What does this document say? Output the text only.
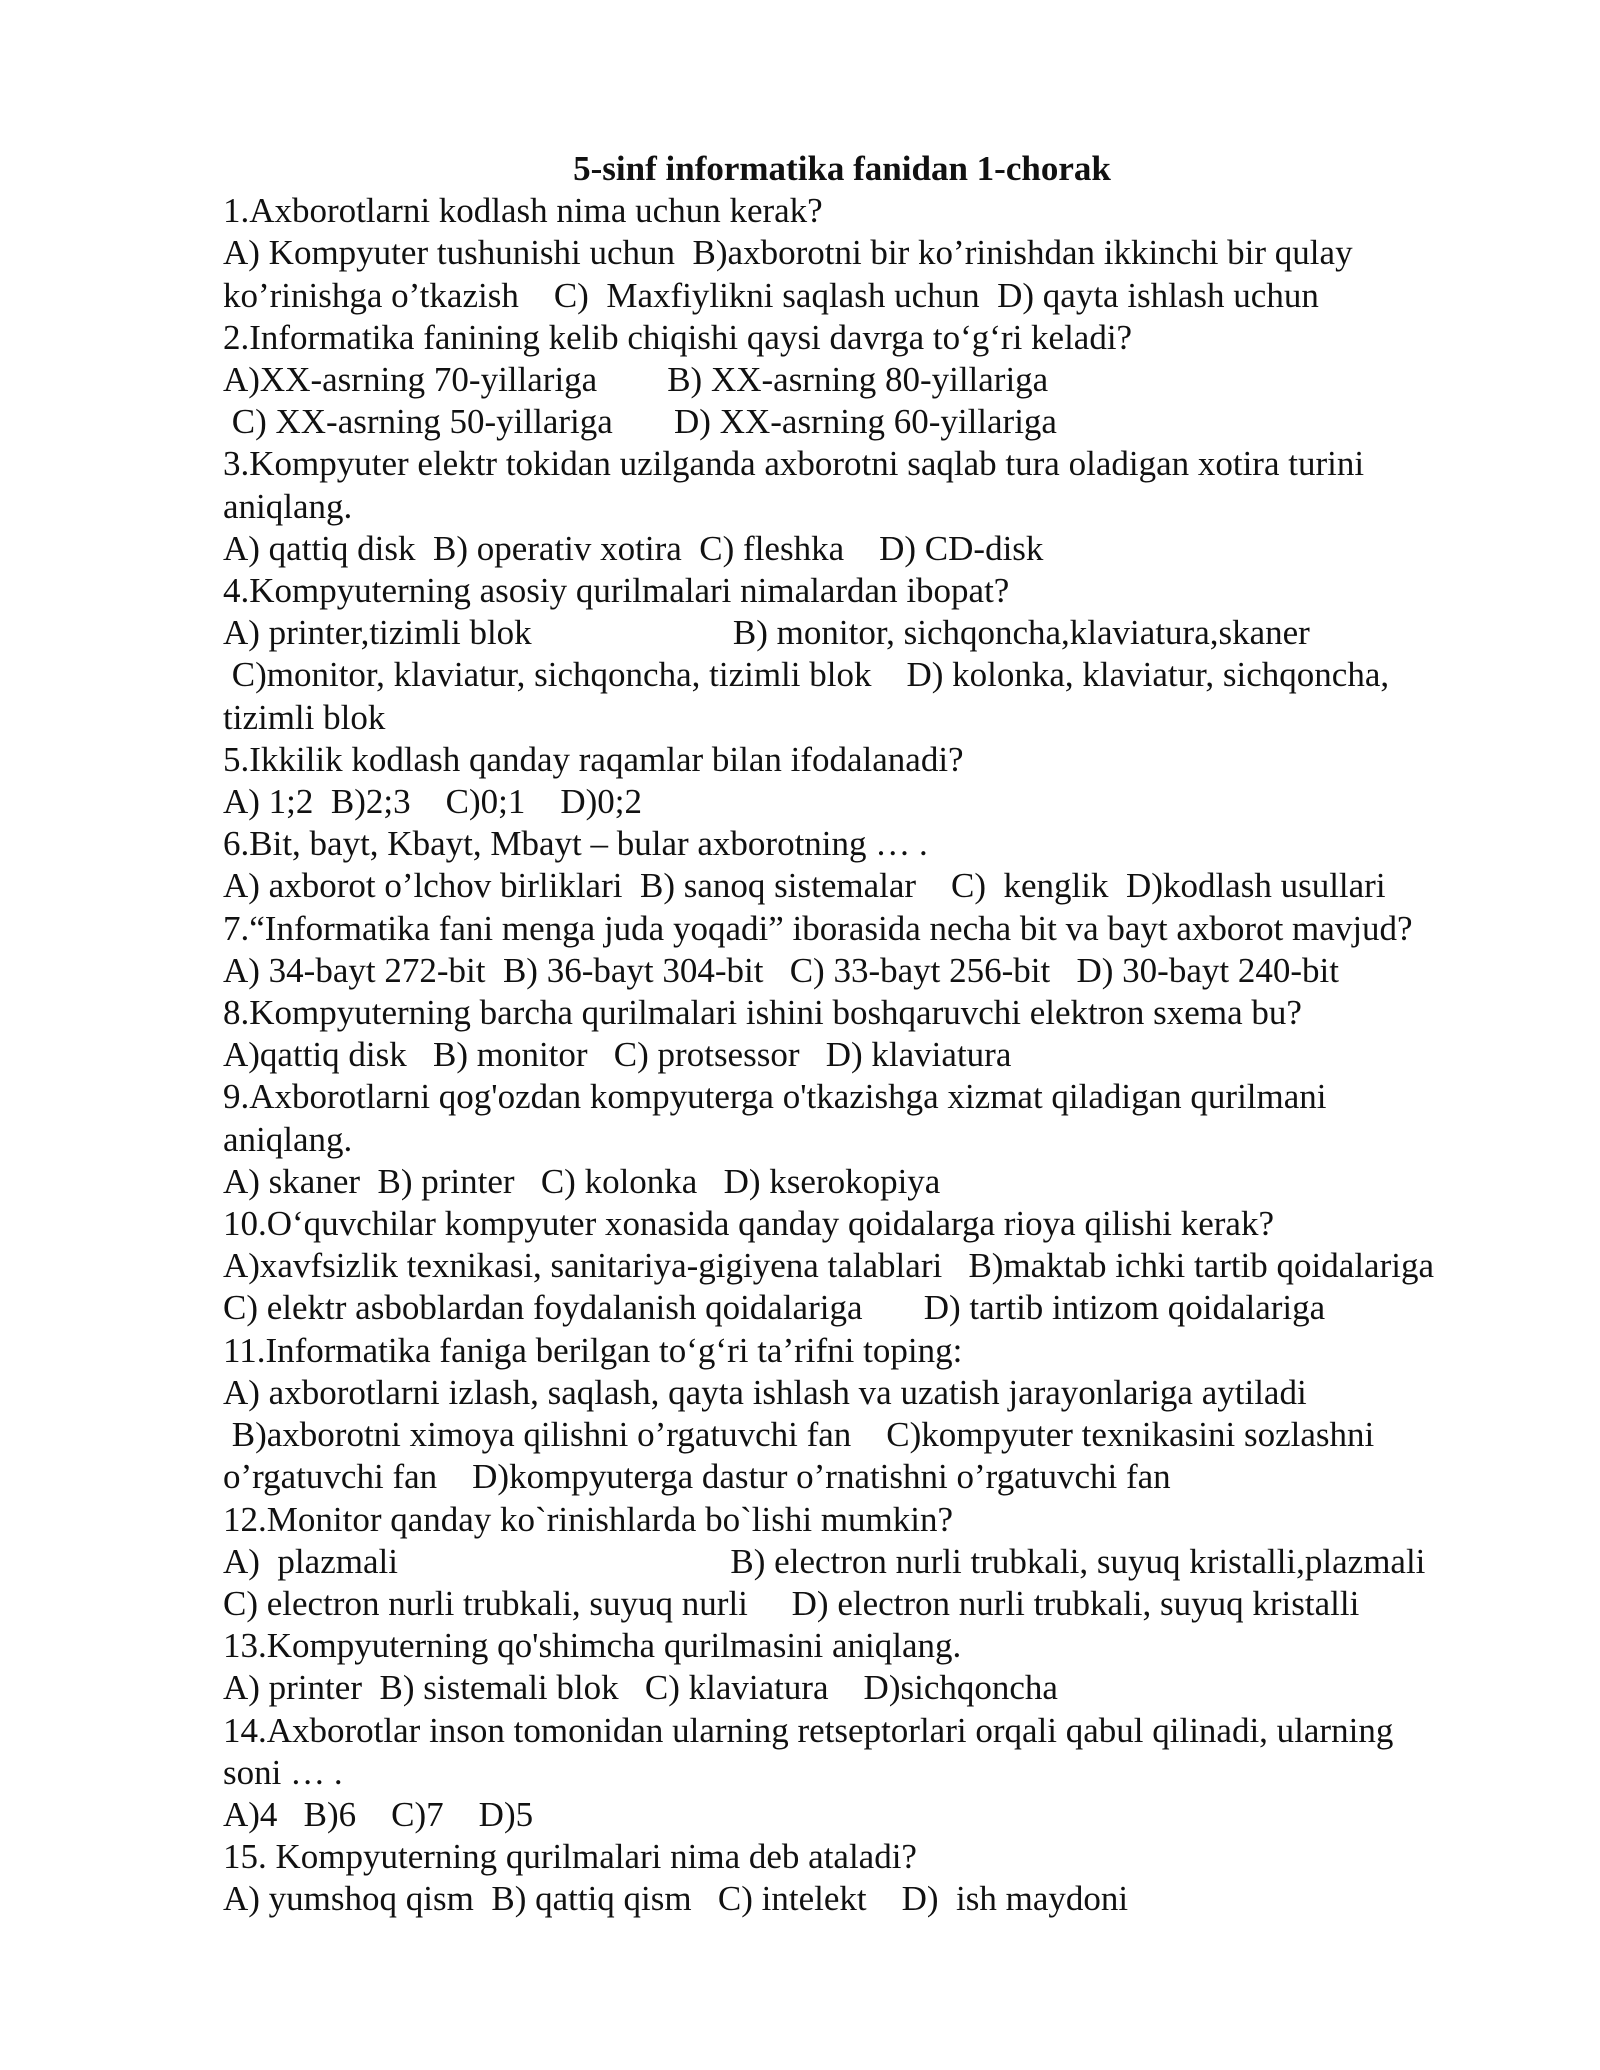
5-sinf informatika fanidan 1-chorak
1.Axborotlarni kodlash nima uchun kerak?
A) Kompyuter tushunishi uchun  B)axborotni bir ko’rinishdan ikkinchi bir qulay
ko’rinishga o’tkazish    C)  Maxfiylikni saqlash uchun  D) qayta ishlash uchun
2.Informatika fanining kelib chiqishi qaysi davrga to‘g‘ri keladi?
A)XX-asrning 70-yillariga        B) XX-asrning 80-yillariga
C) XX-asrning 50-yillariga       D) XX-asrning 60-yillariga
3.Kompyuter elektr tokidan uzilganda axborotni saqlab tura oladigan xotira turini
aniqlang.
A) qattiq disk  B) operativ xotira  C) fleshka    D) CD-disk
4.Kompyuterning asosiy qurilmalari nimalardan ibopat?
A) printer,tizimli blok                       B) monitor, sichqoncha,klaviatura,skaner
C)monitor, klaviatur, sichqoncha, tizimli blok    D) kolonka, klaviatur, sichqoncha,
tizimli blok
5.Ikkilik kodlash qanday raqamlar bilan ifodalanadi?
A) 1;2  B)2;3    C)0;1    D)0;2
6.Bit, bayt, Kbayt, Mbayt – bular axborotning … .
A) axborot o’lchov birliklari  B) sanoq sistemalar    C)  kenglik  D)kodlash usullari
7.“Informatika fani menga juda yoqadi” iborasida necha bit va bayt axborot mavjud?
A) 34-bayt 272-bit  B) 36-bayt 304-bit   C) 33-bayt 256-bit   D) 30-bayt 240-bit
8.Kompyuterning barcha qurilmalari ishini boshqaruvchi elektron sxema bu?
A)qattiq disk   B) monitor   C) protsessor   D) klaviatura
9.Axborotlarni qog'ozdan kompyuterga o'tkazishga xizmat qiladigan qurilmani
aniqlang.
A) skaner  B) printer   C) kolonka   D) kserokopiya
10.O‘quvchilar kompyuter xonasida qanday qoidalarga rioya qilishi kerak?
A)xavfsizlik texnikasi, sanitariya-gigiyena talablari   B)maktab ichki tartib qoidalariga
C) elektr asboblardan foydalanish qoidalariga       D) tartib intizom qoidalariga
11.Informatika faniga berilgan to‘g‘ri ta’rifni toping:
A) axborotlarni izlash, saqlash, qayta ishlash va uzatish jarayonlariga aytiladi
B)axborotni ximoya qilishni o’rgatuvchi fan    C)kompyuter texnikasini sozlashni
o’rgatuvchi fan    D)kompyuterga dastur o’rnatishni o’rgatuvchi fan
12.Monitor qanday ko`rinishlarda bo`lishi mumkin?
A)  plazmali                                      B) electron nurli trubkali, suyuq kristalli,plazmali
C) electron nurli trubkali, suyuq nurli     D) electron nurli trubkali, suyuq kristalli
13.Kompyuterning qo'shimcha qurilmasini aniqlang.
A) printer  B) sistemali blok   C) klaviatura    D)sichqoncha
14.Axborotlar inson tomonidan ularning retseptorlari orqali qabul qilinadi, ularning
soni … .
A)4   B)6    C)7    D)5
15. Kompyuterning qurilmalari nima deb ataladi?
A) yumshoq qism  B) qattiq qism   C) intelekt    D)  ish maydoni
